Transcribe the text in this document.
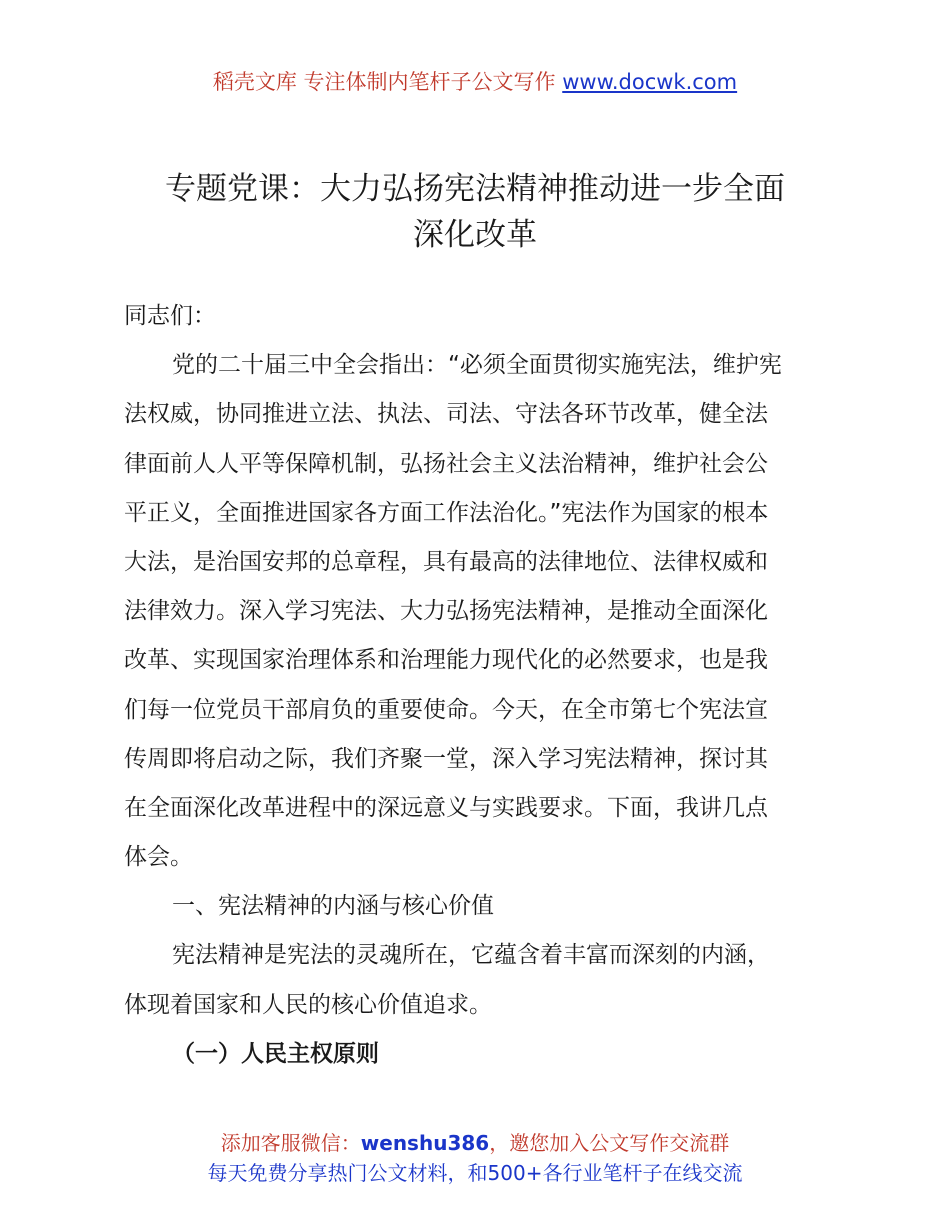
稻壳文库 专注体制内笔杆子公文写作 www.docwk.com
专题党课：大力弘扬宪法精神推动进一步全面
深化改革
同志们：
党的二十届三中全会指出：“必须全面贯彻实施宪法，维护宪
法权威，协同推进立法、执法、司法、守法各环节改革，健全法
律面前人人平等保障机制，弘扬社会主义法治精神，维护社会公
平正义，全面推进国家各方面工作法治化。”宪法作为国家的根本
大法，是治国安邦的总章程，具有最高的法律地位、法律权威和
法律效力。深入学习宪法、大力弘扬宪法精神，是推动全面深化
改革、实现国家治理体系和治理能力现代化的必然要求，也是我
们每一位党员干部肩负的重要使命。今天，在全市第七个宪法宣
传周即将启动之际，我们齐聚一堂，深入学习宪法精神，探讨其
在全面深化改革进程中的深远意义与实践要求。下面，我讲几点
体会。
一、宪法精神的内涵与核心价值
宪法精神是宪法的灵魂所在，它蕴含着丰富而深刻的内涵，
体现着国家和人民的核心价值追求。
（一）人民主权原则
添加客服微信：wenshu386，邀您加入公文写作交流群
每天免费分享热门公文材料，和500+各行业笔杆子在线交流
